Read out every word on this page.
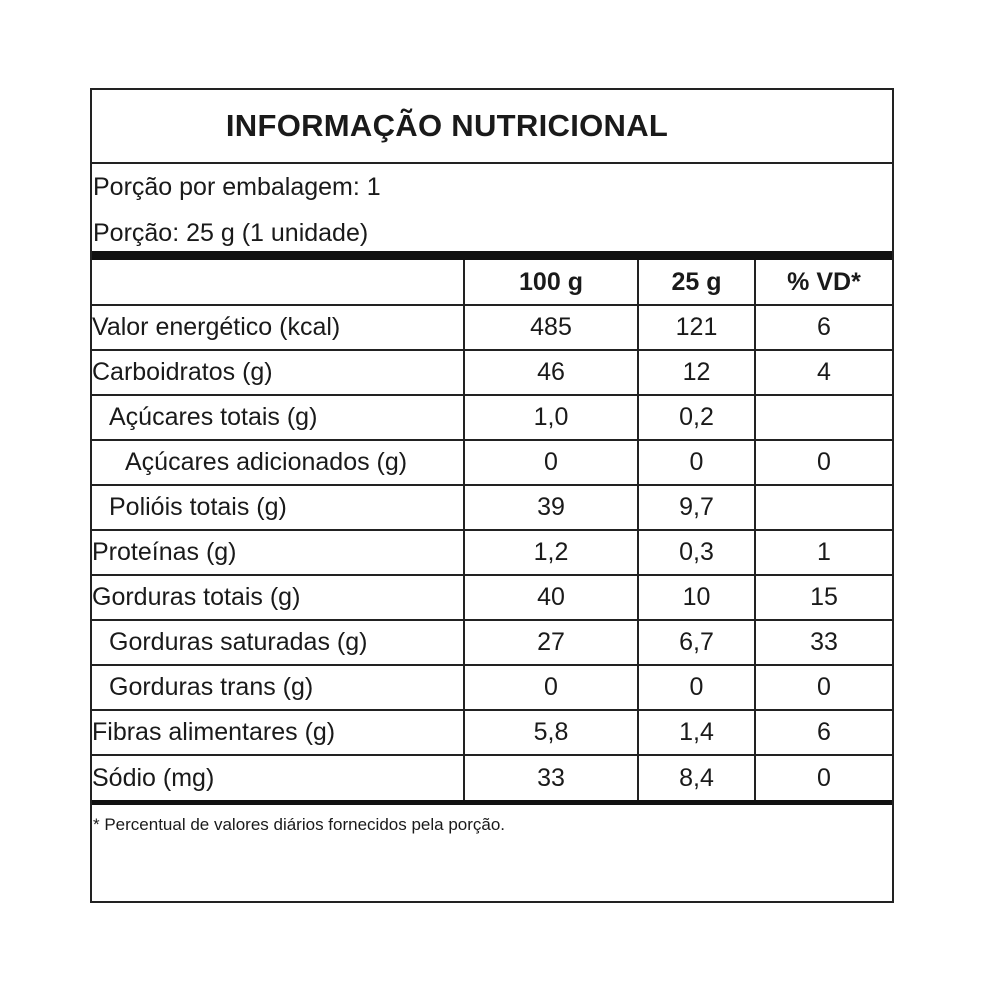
INFORMAÇÃO NUTRICIONAL
Porção por embalagem: 1
Porção: 25 g (1 unidade)
	100 g	25 g	% VD*
Valor energético (kcal)	485	121	6
Carboidratos (g)	46	12	4
Açúcares totais (g)	1,0	0,2	
Açúcares adicionados (g)	0	0	0
Polióis totais (g)	39	9,7	
Proteínas (g)	1,2	0,3	1
Gorduras totais (g)	40	10	15
Gorduras saturadas (g)	27	6,7	33
Gorduras trans (g)	0	0	0
Fibras alimentares (g)	5,8	1,4	6
Sódio (mg)	33	8,4	0
* Percentual de valores diários fornecidos pela porção.
